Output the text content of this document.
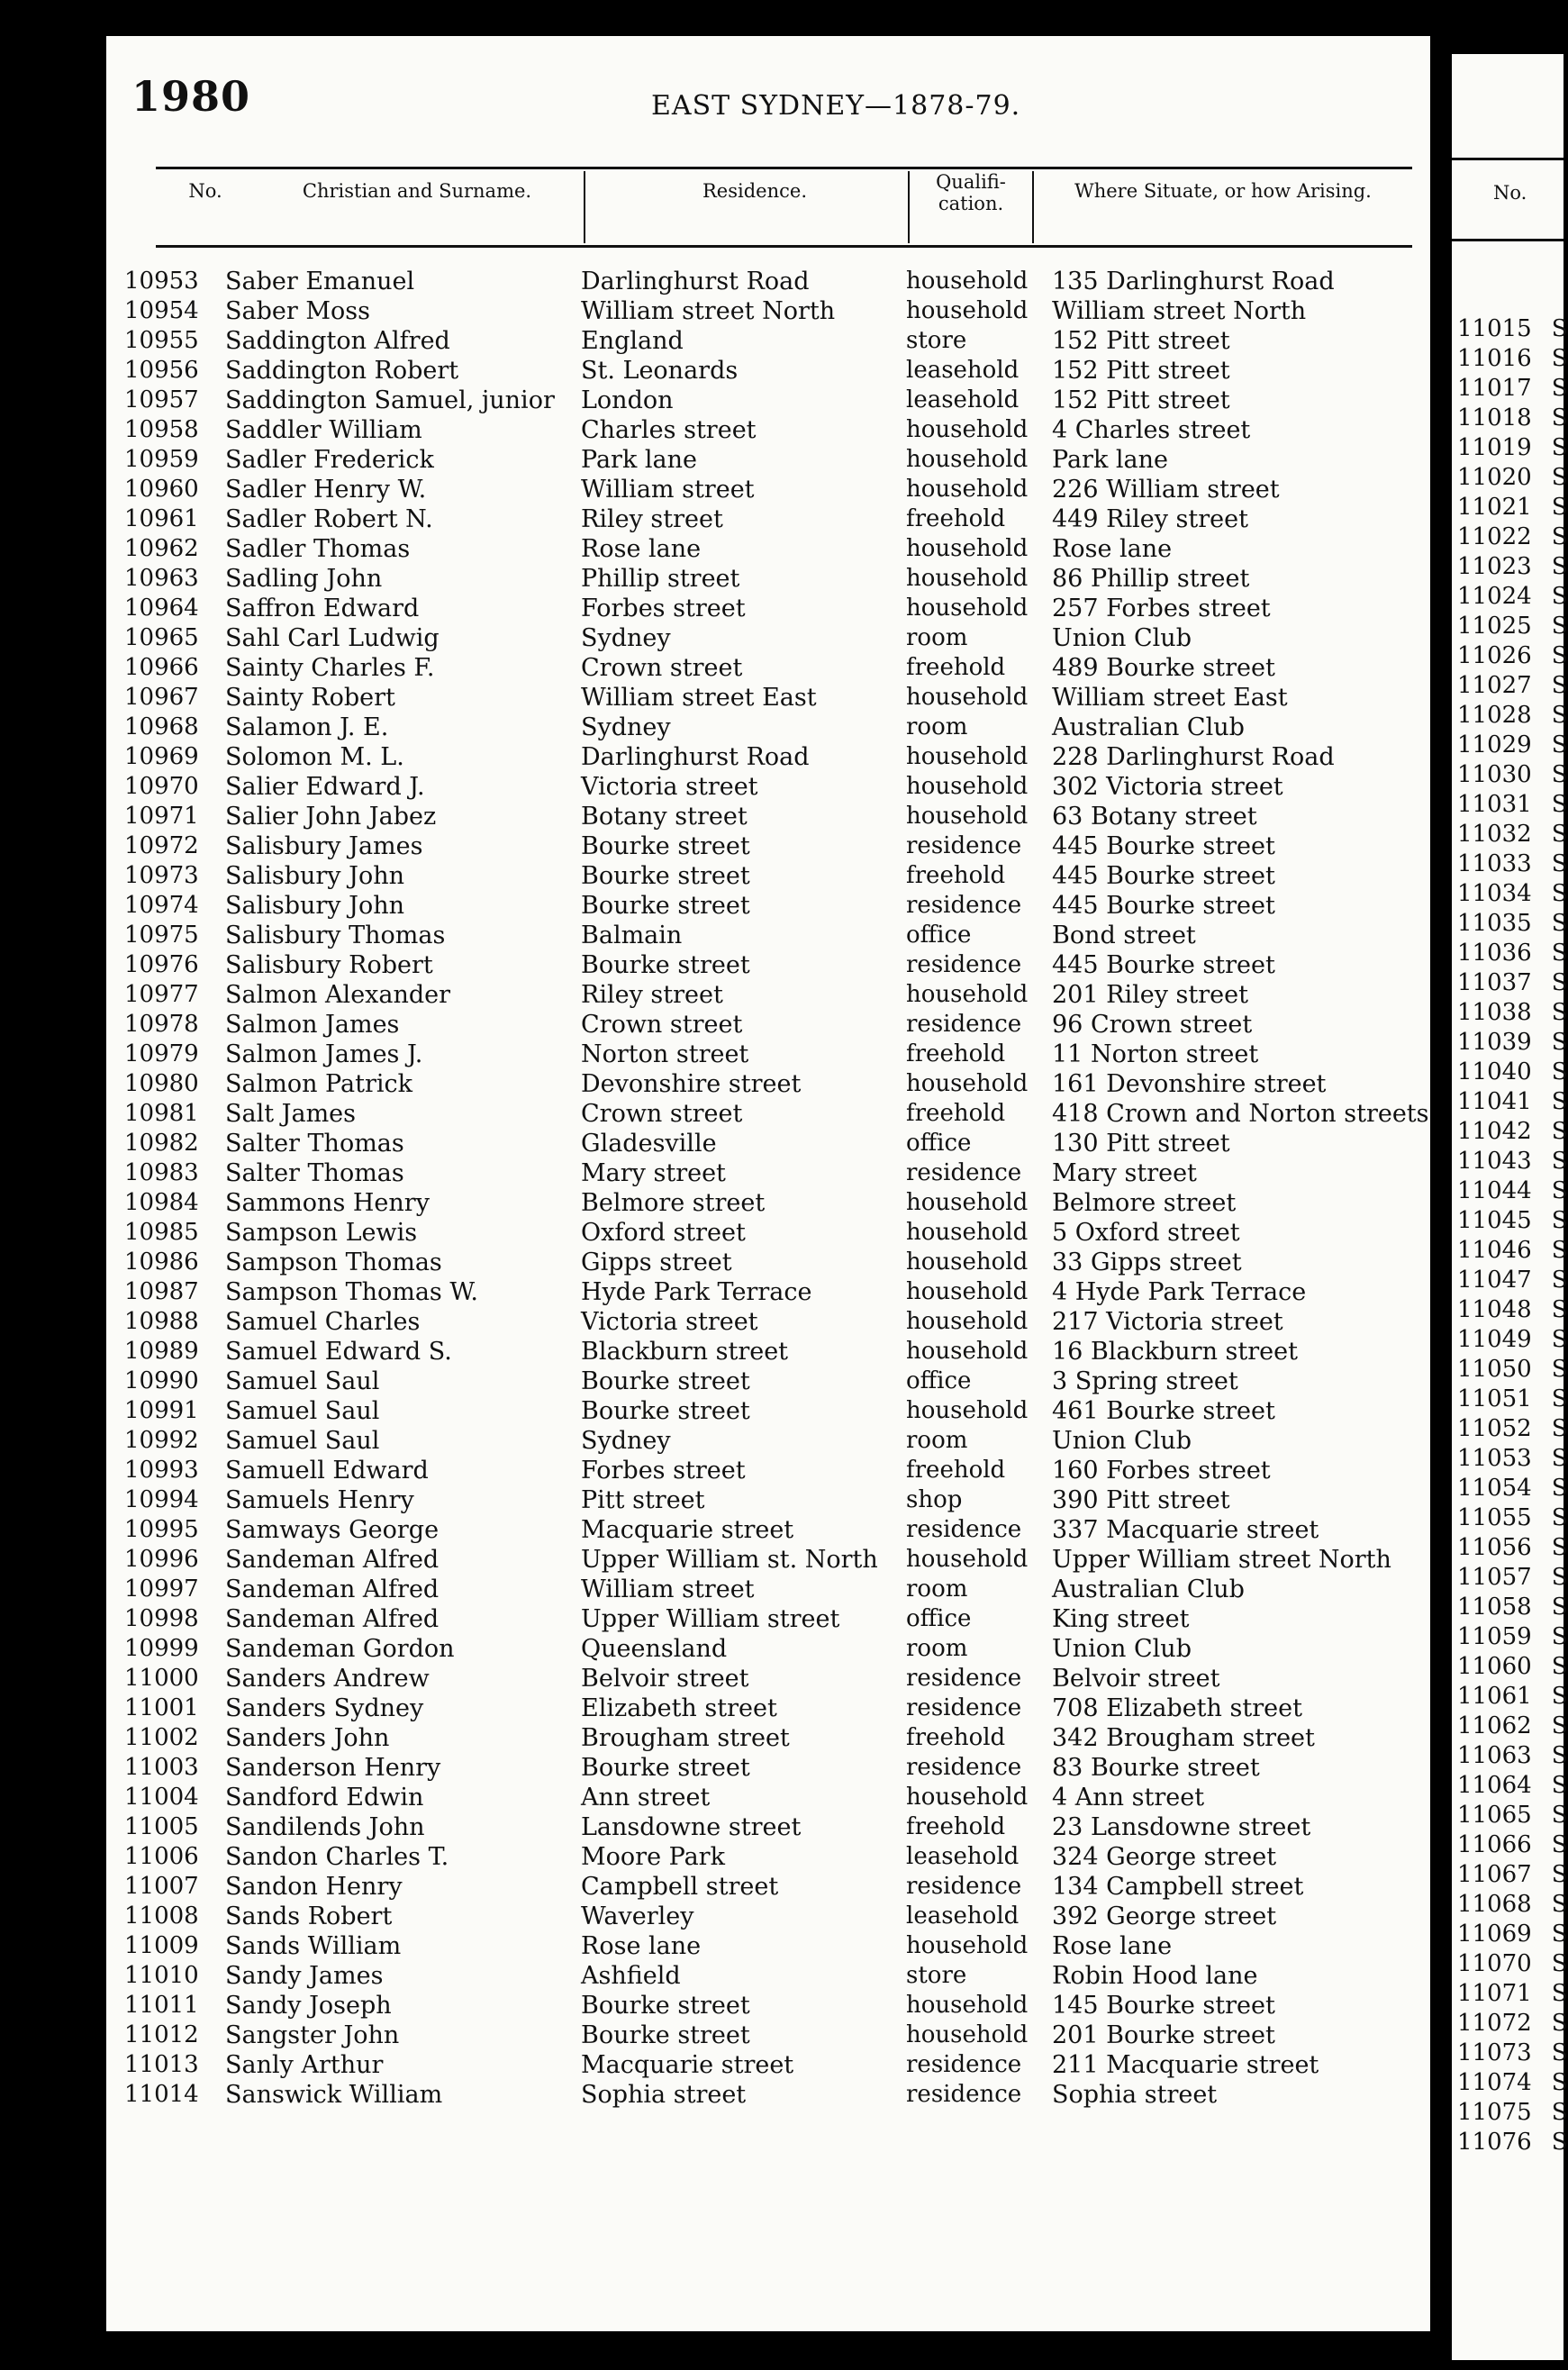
1980	EAST SYDNEY—1878-79.
No.	Christian and Surname.	Residence.	Qualifi-
cation.
Where Situate, or how Arising.
10953 Saber Emanuel	Darlinghurst Road	household 135 Darlinghurst Road
10954 Saber Moss	William street North	household William street North
10955 Saddington Alfred	England	store	152 Pitt street
10956 Saddington Robert	St. Leonards	leasehold 152 Pitt street
10957 Saddington Samuel, junior London	leasehold 152 Pitt street
10958 Saddler William	Charles street	household 4 Charles street
10959 Sadler Frederick	Park lane	household Park lane
10960 Sadler Henry W.	William street	household 226 William street
10961 Sadler Robert N.	Riley street	freehold 449 Riley street
10962 Sadler Thomas	Rose lane	household Rose lane
10963 Sadling John	Phillip street	household 86 Phillip street
10964 Saffron Edward	Forbes street	household 257 Forbes street
10965 Sahl Carl Ludwig	Sydney	room	Union Club
10966 Sainty Charles F.	Crown street	freehold 489 Bourke street
10967 Sainty Robert	William street East	household William street East
10968 Salamon J. E.	Sydney	room	Australian Club
10969 Solomon M. L.	Darlinghurst Road	household 228 Darlinghurst Road
10970 Salier Edward J.	Victoria street	household 302 Victoria street
10971 Salier John Jabez	Botany street	household 63 Botany street
10972 Salisbury James	Bourke street	residence 445 Bourke street
10973 Salisbury John	Bourke street	freehold 445 Bourke street
10974 Salisbury John	Bourke street	residence 445 Bourke street
10975 Salisbury Thomas	Balmain	office	Bond street
10976 Salisbury Robert	Bourke street	residence 445 Bourke street
10977 Salmon Alexander	Riley street	household 201 Riley street
10978 Salmon James	Crown street	residence 96 Crown street
10979 Salmon James J.	Norton street	freehold 11 Norton street
10980 Salmon Patrick	Devonshire street	household 161 Devonshire street
10981 Salt James	Crown street	freehold 418 Crown and Norton streets
10982 Salter Thomas	Gladesville	office	130 Pitt street
10983 Salter Thomas	Mary street	residence Mary street
10984 Sammons Henry	Belmore street	household Belmore street
10985 Sampson Lewis	Oxford street	household 5 Oxford street
10986 Sampson Thomas	Gipps street	household 33 Gipps street
10987 Sampson Thomas W.	Hyde Park Terrace	household 4 Hyde Park Terrace
10988 Samuel Charles	Victoria street	household 217 Victoria street
10989 Samuel Edward S.	Blackburn street	household 16 Blackburn street
10990 Samuel Saul	Bourke street	office	3 Spring street
10991 Samuel Saul	Bourke street	household 461 Bourke street
10992 Samuel Saul	Sydney	room	Union Club
10993 Samuell Edward	Forbes street	freehold 160 Forbes street
10994 Samuels Henry	Pitt street	shop	390 Pitt street
10995 Samways George	Macquarie street	residence 337 Macquarie street
10996 Sandeman Alfred	Upper William st. North household Upper William street North
10997 Sandeman Alfred	William street	room	Australian Club
10998 Sandeman Alfred	Upper William street	office	King street
10999 Sandeman Gordon	Queensland	room	Union Club
11000 Sanders Andrew	Belvoir street	residence Belvoir street
11001 Sanders Sydney	Elizabeth street	residence 708 Elizabeth street
11002 Sanders John	Brougham street	freehold 342 Brougham street
11003 Sanderson Henry	Bourke street	residence 83 Bourke street
11004 Sandford Edwin	Ann street	household 4 Ann street
11005 Sandilends John	Lansdowne street	freehold 23 Lansdowne street
11006 Sandon Charles T.	Moore Park	leasehold 324 George street
11007 Sandon Henry	Campbell street	residence 134 Campbell street
11008 Sands Robert	Waverley	leasehold 392 George street
11009 Sands William	Rose lane	household Rose lane
11010 Sandy James	Ashfield	store	Robin Hood lane
11011 Sandy Joseph	Bourke street	household 145 Bourke street
11012 Sangster John	Bourke street	household 201 Bourke street
11013 Sanly Arthur	Macquarie street	residence 211 Macquarie street
11014 Sanswick William	Sophia street	residence Sophia street
No.
11015 S
11016 S
11017 S
11018 S
11019 S
11020 S
11021 S
11022 S
11023 S
11024 S
11025 S
11026 S
11027 S
11028 S
11029 S
11030 S
11031 S
11032 S
11033 S
11034 S
11035 S
11036 S
11037 S
11038 S
11039 S
11040 S
11041 S
11042 S
11043 S
11044 S
11045 S
11046 S
11047 S
11048 S
11049 S
11050 S
11051 S
11052 S
11053 S
11054 S
11055 S
11056 S
11057 S
11058 S
11059 S
11060 S
11061 S
11062 S
11063 S
11064 S
11065 S
11066 S
11067 S
11068 S
11069 S
11070 S
11071 S
11072 S
11073 S
11074 S
11075 S
11076 S
